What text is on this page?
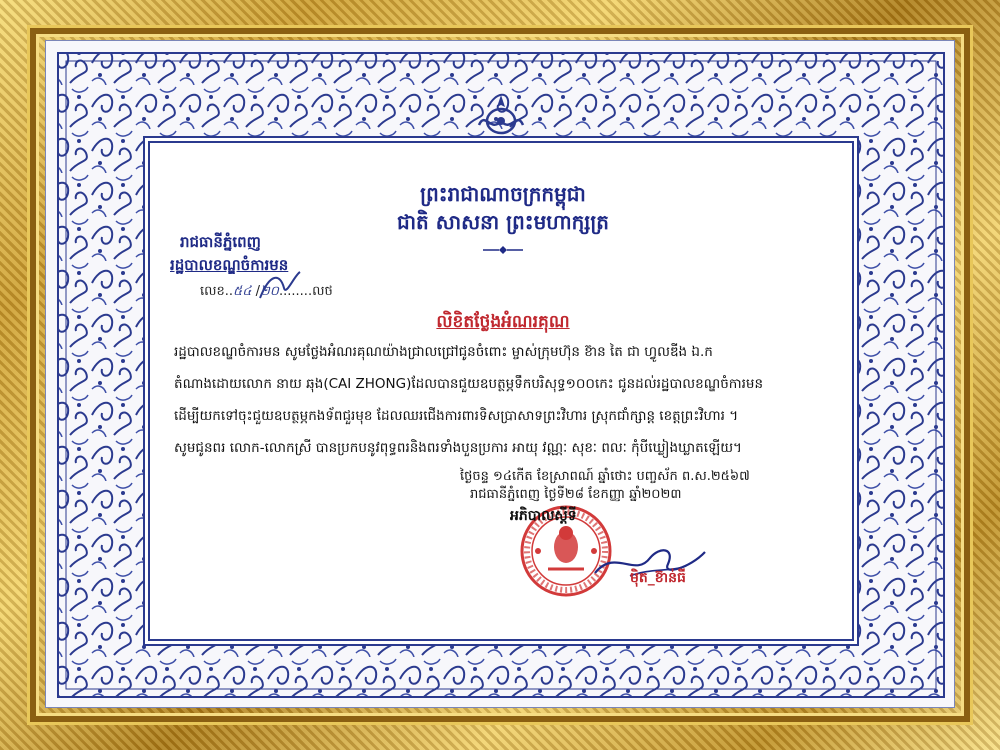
ព្រះរាជាណាចក្រកម្ពុជា
ជាតិ សាសនា ព្រះមហាក្សត្រ
រាជធានីភ្នំពេញ
រដ្ឋបាលខណ្ឌចំការមន
លេខ..៥៤ /២០........លថ
លិខិតថ្លែងអំណរគុណ
រដ្ឋបាលខណ្ឌចំការមន សូមថ្លែងអំណរគុណយ៉ាងជ្រាលជ្រៅជូនចំពោះ ម្ចាស់ក្រុមហ៊ុន ខ៊ាន តៃ ជា ហ្វូលឌីង ឯ.ក
តំណាងដោយលោក នាយ ឆុង(CAI ZHONG)ដែលបានជួយឧបត្ថម្ភទឹកបរិសុទ្ធ១០០កេះ ជូនដល់រដ្ឋបាលខណ្ឌចំការមន
ដើម្បីយកទៅចុះជួយឧបត្ថម្ភកងទ័ពជួរមុខ ដែលឈរជើងការពារទិសប្រាសាទព្រះវិហារ ស្រុកជាំក្សាន្ត ខេត្តព្រះវិហារ ។
សូមជូនពរ លោក-លោកស្រី បានប្រកបនូវពុទ្ធពរនិងពរទាំងបួនប្រការ អាយុ វណ្ណៈ សុខៈ ពលៈ កុំបីឃ្លៀងឃ្លាតឡើយ។
ថ្ងៃចន្ទ ១៤កើត ខែស្រាពណ៍ ឆ្នាំថោះ បញ្ចស័ក ព.ស.២៥៦៧
រាជធានីភ្នំពេញ ថ្ងៃទី២៨ ខែកញ្ញា ឆ្នាំ២០២៣
អភិបាលស្តីទី
ម៉ិត_ខ៊ាន់ធី
